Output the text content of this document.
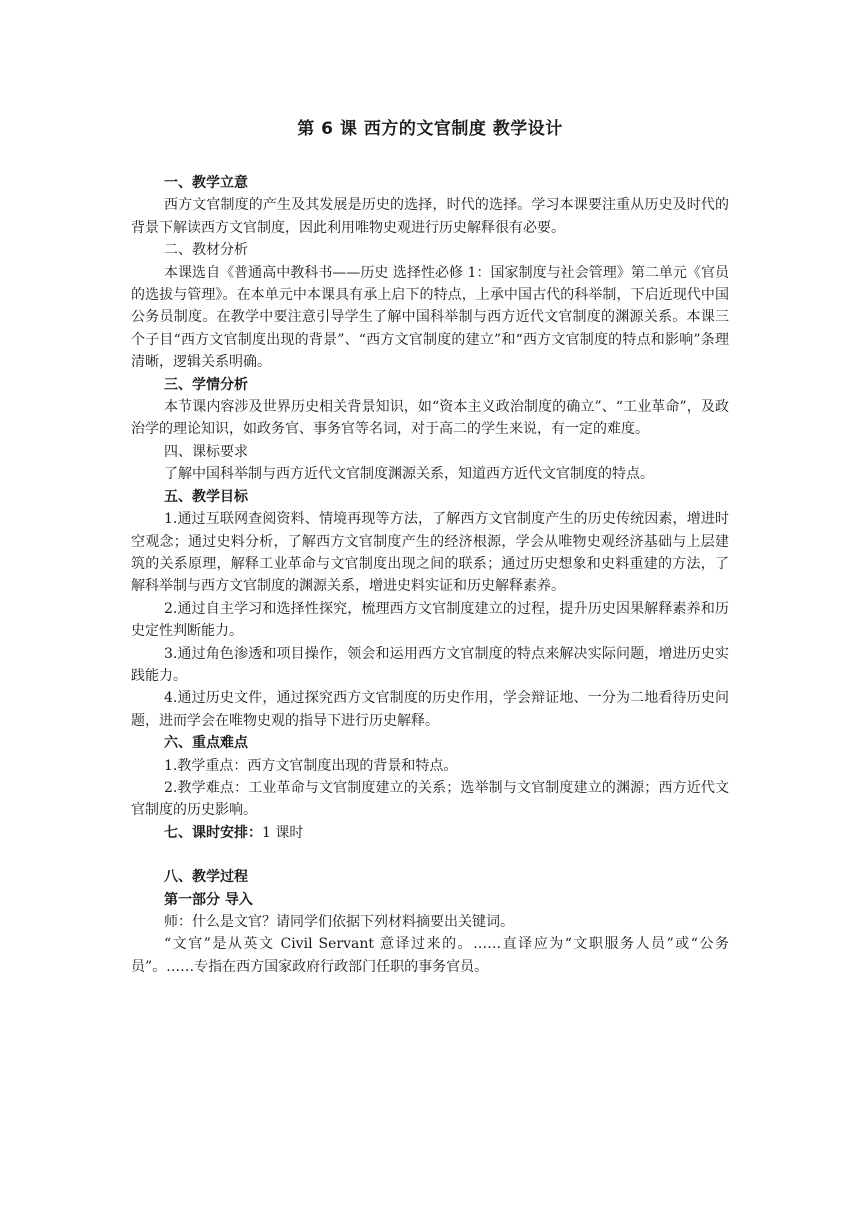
第 6 课 西方的文官制度 教学设计

一、教学立意

西方文官制度的产生及其发展是历史的选择，时代的选择。学习本课要注重从历史及时代的背景下解读西方文官制度，因此利用唯物史观进行历史解释很有必要。

二、教材分析

本课选自《普通高中教科书——历史 选择性必修 1：国家制度与社会管理》第二单元《官员的选拔与管理》。在本单元中本课具有承上启下的特点，上承中国古代的科举制，下启近现代中国公务员制度。在教学中要注意引导学生了解中国科举制与西方近代文官制度的渊源关系。本课三个子目“西方文官制度出现的背景”、“西方文官制度的建立”和“西方文官制度的特点和影响”条理清晰，逻辑关系明确。

三、学情分析

本节课内容涉及世界历史相关背景知识，如“资本主义政治制度的确立”、“工业革命”，及政治学的理论知识，如政务官、事务官等名词，对于高二的学生来说，有一定的难度。

四、课标要求

了解中国科举制与西方近代文官制度渊源关系，知道西方近代文官制度的特点。

五、教学目标

1.通过互联网查阅资料、情境再现等方法，了解西方文官制度产生的历史传统因素，增进时空观念；通过史料分析，了解西方文官制度产生的经济根源，学会从唯物史观经济基础与上层建筑的关系原理，解释工业革命与文官制度出现之间的联系；通过历史想象和史料重建的方法，了解科举制与西方文官制度的渊源关系，增进史料实证和历史解释素养。

2.通过自主学习和选择性探究，梳理西方文官制度建立的过程，提升历史因果解释素养和历史定性判断能力。

3.通过角色渗透和项目操作，领会和运用西方文官制度的特点来解决实际问题，增进历史实践能力。

4.通过历史文件，通过探究西方文官制度的历史作用，学会辩证地、一分为二地看待历史问题，进而学会在唯物史观的指导下进行历史解释。

六、重点难点

1.教学重点：西方文官制度出现的背景和特点。

2.教学难点：工业革命与文官制度建立的关系；选举制与文官制度建立的渊源；西方近代文官制度的历史影响。

七、课时安排：1 课时

八、教学过程

第一部分 导入

师：什么是文官？请同学们依据下列材料摘要出关键词。

“文官”是从英文 Civil Servant 意译过来的。……直译应为“文职服务人员”或“公务员”。……专指在西方国家政府行政部门任职的事务官员。
